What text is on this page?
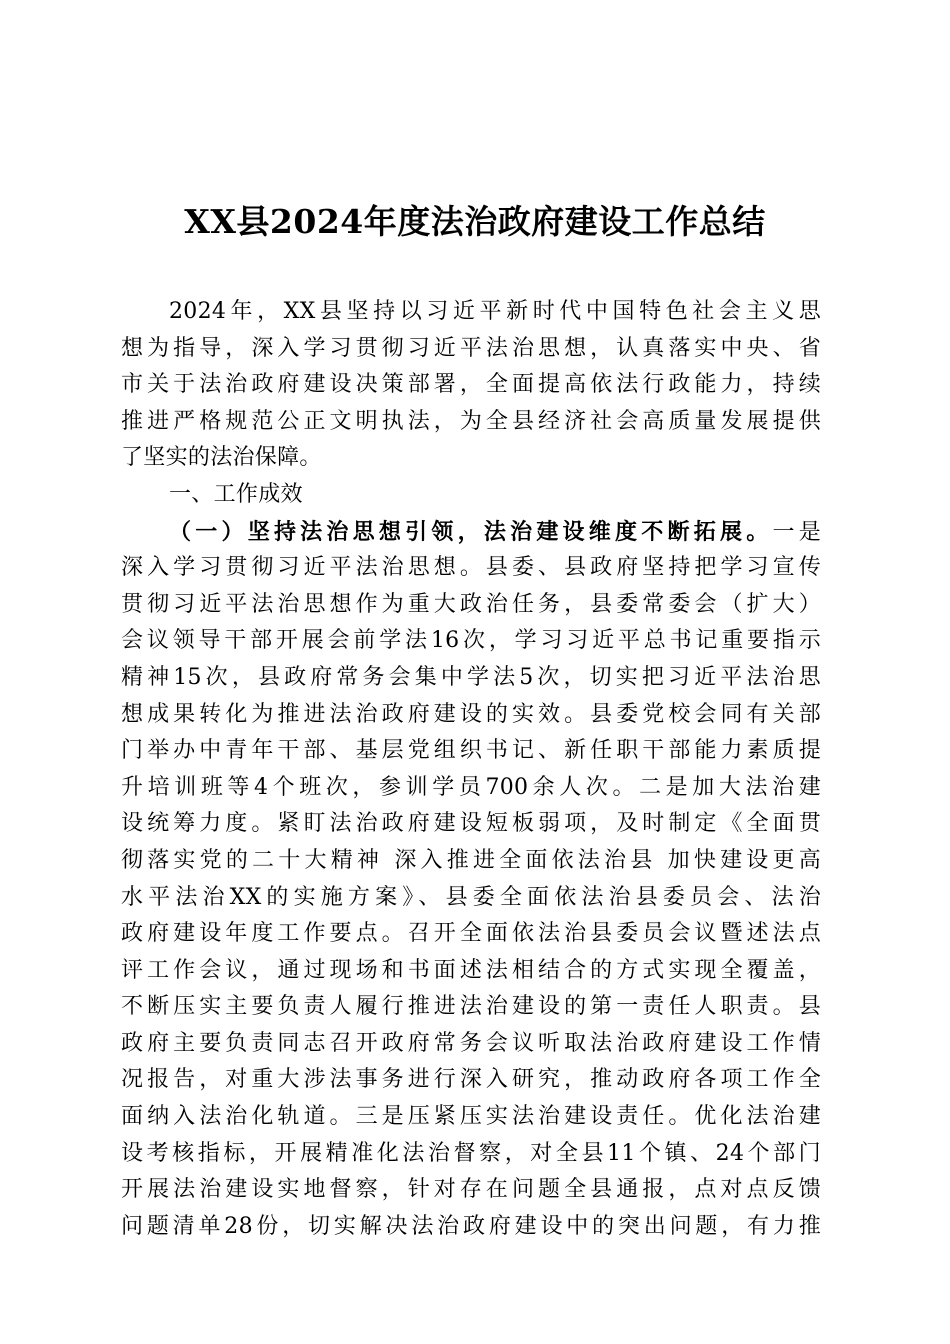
XX县2024年度法治政府建设工作总结
2024年，XX县坚持以习近平新时代中国特色社会主义思
想为指导，深入学习贯彻习近平法治思想，认真落实中央、省
市关于法治政府建设决策部署，全面提高依法行政能力，持续
推进严格规范公正文明执法，为全县经济社会高质量发展提供
了坚实的法治保障。
一、工作成效
（一）坚持法治思想引领，法治建设维度不断拓展。一是
深入学习贯彻习近平法治思想。县委、县政府坚持把学习宣传
贯彻习近平法治思想作为重大政治任务，县委常委会（扩大）
会议领导干部开展会前学法16次，学习习近平总书记重要指示
精神15次，县政府常务会集中学法5次，切实把习近平法治思
想成果转化为推进法治政府建设的实效。县委党校会同有关部
门举办中青年干部、基层党组织书记、新任职干部能力素质提
升培训班等4个班次，参训学员700余人次。二是加大法治建
设统筹力度。紧盯法治政府建设短板弱项，及时制定《全面贯
彻落实党的二十大精神 深入推进全面依法治县 加快建设更高
水平法治XX的实施方案》、县委全面依法治县委员会、法治
政府建设年度工作要点。召开全面依法治县委员会议暨述法点
评工作会议，通过现场和书面述法相结合的方式实现全覆盖，
不断压实主要负责人履行推进法治建设的第一责任人职责。县
政府主要负责同志召开政府常务会议听取法治政府建设工作情
况报告，对重大涉法事务进行深入研究，推动政府各项工作全
面纳入法治化轨道。三是压紧压实法治建设责任。优化法治建
设考核指标，开展精准化法治督察，对全县11个镇、24个部门
开展法治建设实地督察，针对存在问题全县通报，点对点反馈
问题清单28份，切实解决法治政府建设中的突出问题，有力推
